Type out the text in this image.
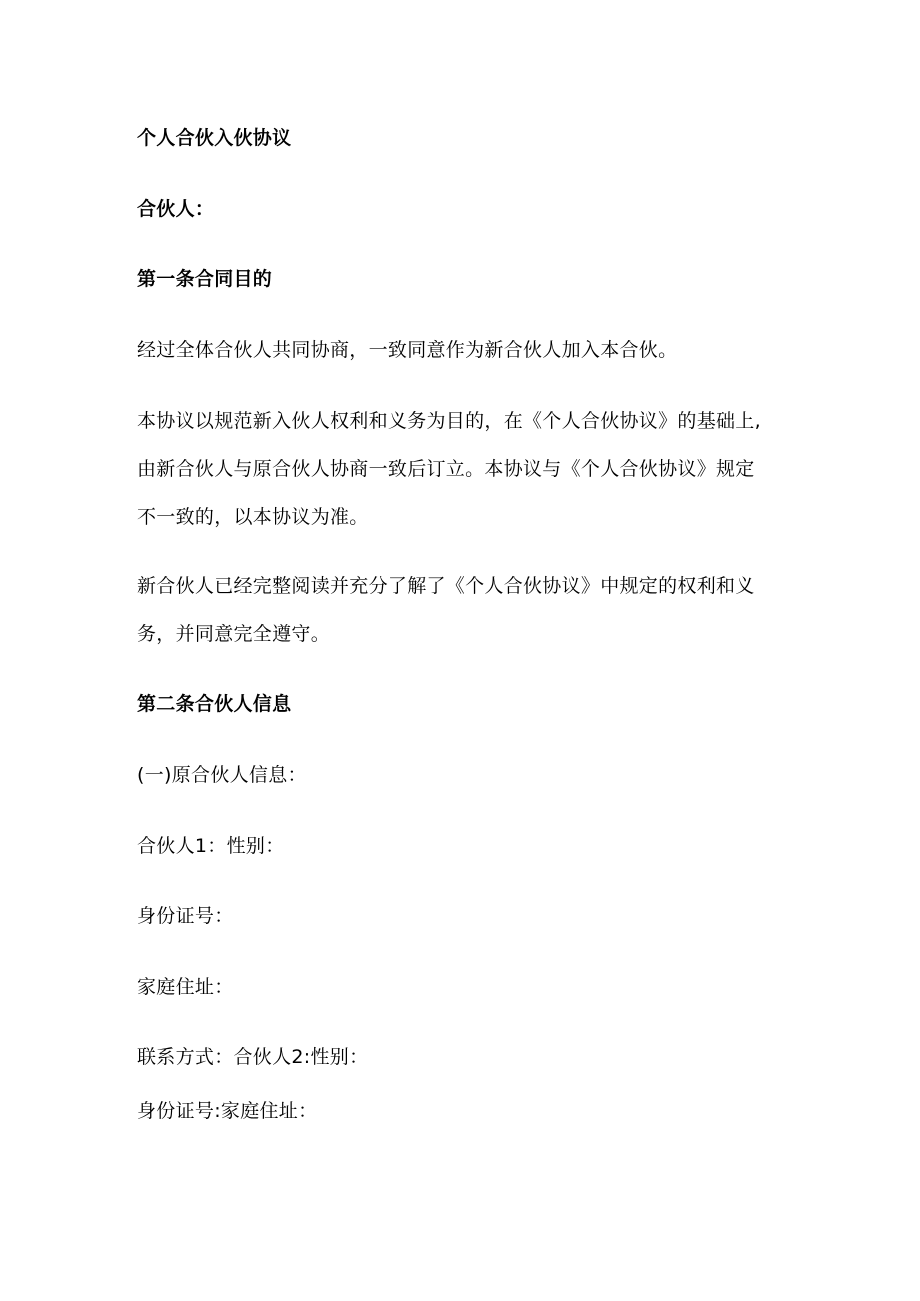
个人合伙入伙协议
合伙人：
第一条合同目的
经过全体合伙人共同协商，一致同意作为新合伙人加入本合伙。
本协议以规范新入伙人权利和义务为目的，在《个人合伙协议》的基础上,
由新合伙人与原合伙人协商一致后订立。本协议与《个人合伙协议》规定
不一致的，以本协议为准。
新合伙人已经完整阅读并充分了解了《个人合伙协议》中规定的权利和义
务，并同意完全遵守。
第二条合伙人信息
(一)原合伙人信息：
合伙人1：性别：
身份证号：
家庭住址：
联系方式：合伙人2:性别：
身份证号:家庭住址：
